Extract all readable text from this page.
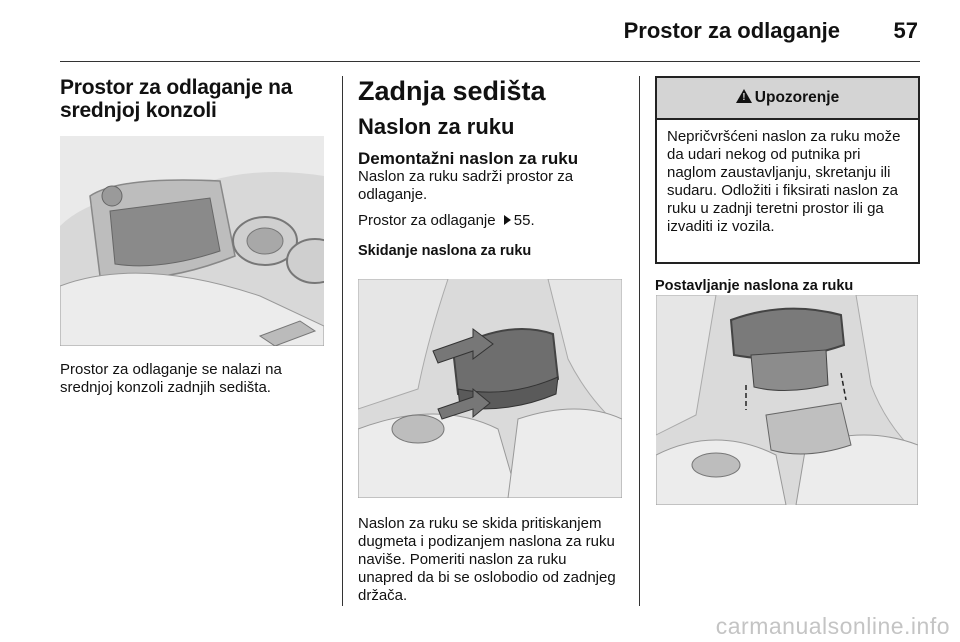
Prostor za odlaganje 57
Prostor za odlaganje na srednjoj konzoli

Prostor za odlaganje se nalazi na srednjoj konzoli zadnjih sedišta.

Zadnja sedišta
Naslon za ruku
Demontažni naslon za ruku

Naslon za ruku sadrži prostor za odlaganje.

Prostor za odlaganje 55.

Skidanje naslona za ruku

Naslon za ruku se skida pritiskanjem dugmeta i podizanjem naslona za ruku naviše. Pomeriti naslon za ruku unapred da bi se oslobodio od zadnjeg držača.

! Upozorenje
Nepričvršćeni naslon za ruku može da udari nekog od putnika pri naglom zaustavljanju, skretanju ili sudaru. Odložiti i fiksirati naslon za ruku u zadnji teretni prostor ili ga izvaditi iz vozila.

Postavljanje naslona za ruku

carmanualsonline.info
